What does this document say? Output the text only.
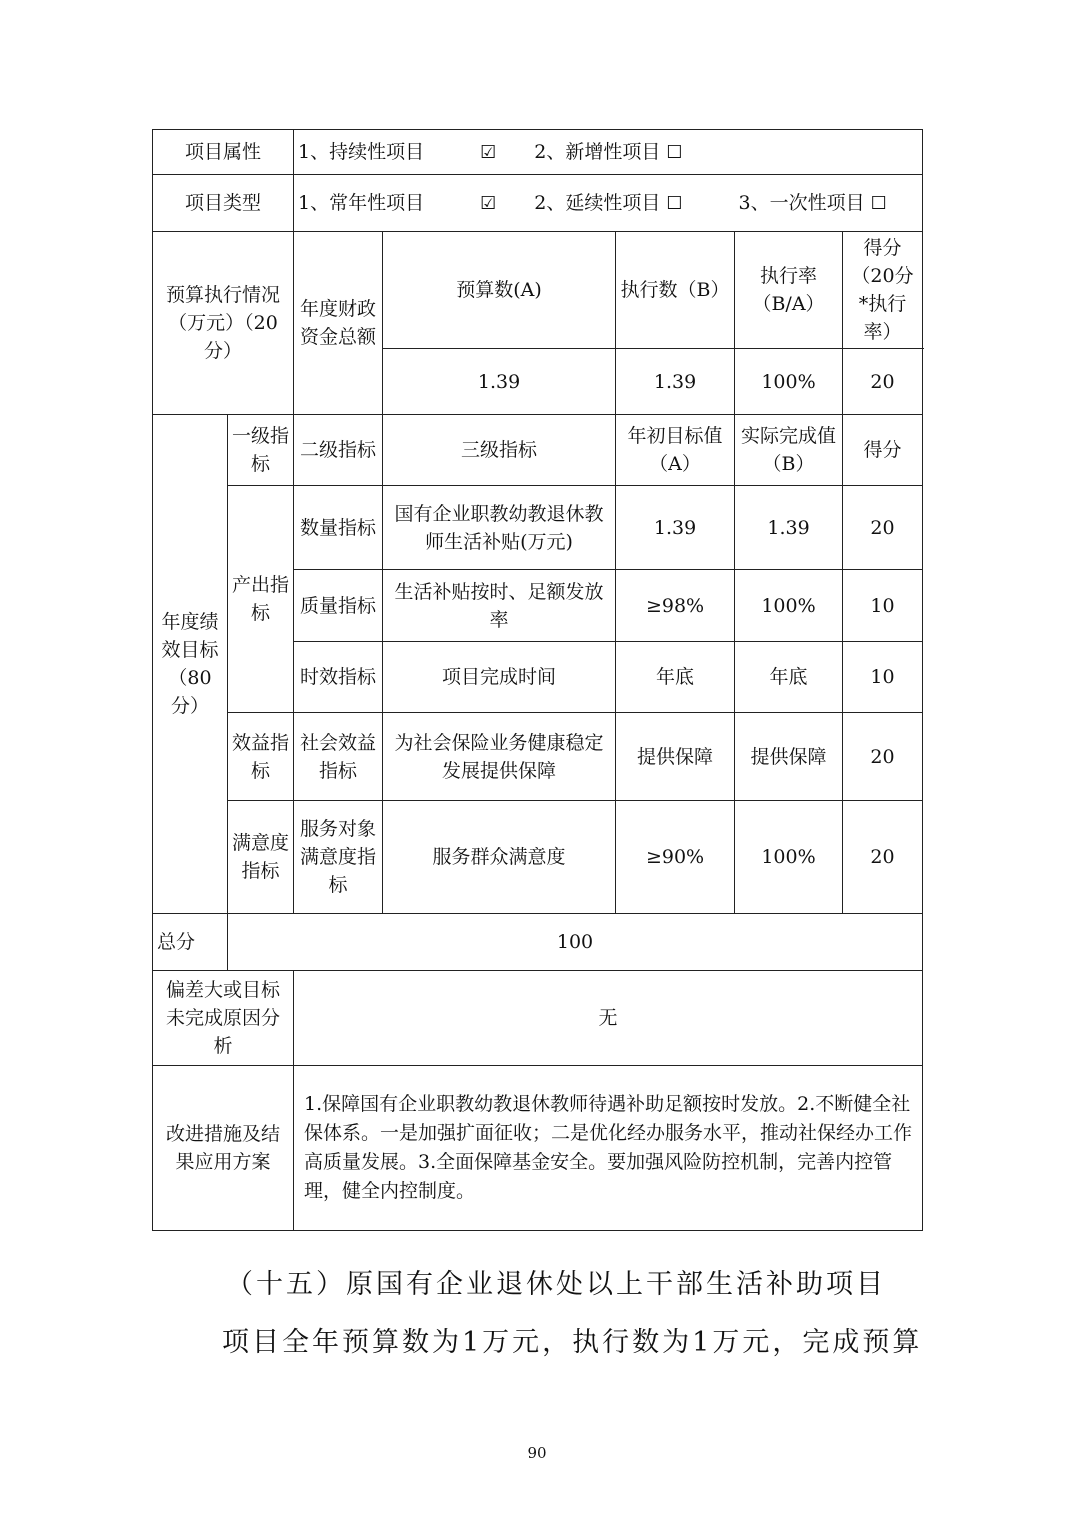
项目属性		1、持续性项目 ☑ 2、新增性项目 ☐				
项目类型		1、常年性项目 ☑ 2、延续性项目 ☐ 3、一次性项目 ☐				
预算执行情况（万元）（20分）		年度财政资金总额	预算数(A)	执行数（B）	执行率（B/A）	得分（20分*执行率）
			1.39	1.39	100%	20
年度绩效目标（80分）	一级指标	二级指标	三级指标	年初目标值（A）	实际完成值（B）	得分
	产出指标	数量指标	国有企业职教幼教退休教师生活补贴(万元)	1.39	1.39	20
		质量指标	生活补贴按时、足额发放率	≥98%	100%	10
		时效指标	项目完成时间	年底	年底	10
	效益指标	社会效益指标	为社会保险业务健康稳定发展提供保障	提供保障	提供保障	20
	满意度指标	服务对象满意度指标	服务群众满意度	≥90%	100%	20
总分	100					
偏差大或目标未完成原因分析		无				
改进措施及结果应用方案		1.保障国有企业职教幼教退休教师待遇补助足额按时发放。2.不断健全社保体系。一是加强扩面征收；二是优化经办服务水平，推动社保经办工作高质量发展。3.全面保障基金安全。要加强风险防控机制，完善内控管理，健全内控制度。				
（十五）原国有企业退休处以上干部生活补助项目

项目全年预算数为1万元，执行数为1万元，完成预算

90
